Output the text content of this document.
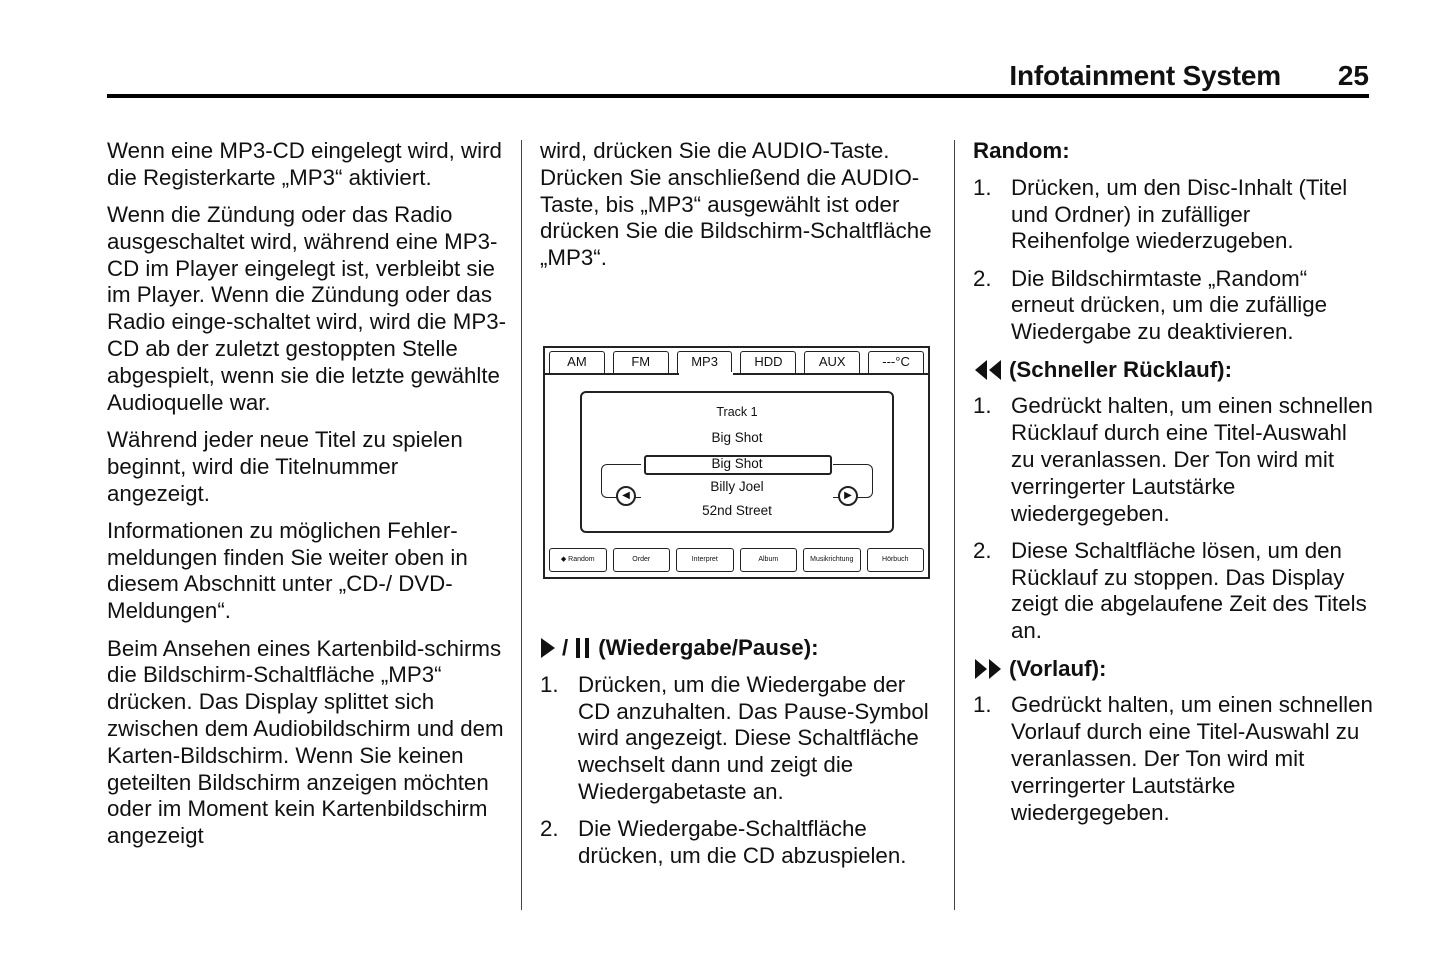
Infotainment System 25

Wenn eine MP3-CD eingelegt wird, wird die Registerkarte „MP3“ aktiviert.

Wenn die Zündung oder das Radio ausgeschaltet wird, während eine MP3-CD im Player eingelegt ist, verbleibt sie im Player. Wenn die Zündung oder das Radio einge-schaltet wird, wird die MP3-CD ab der zuletzt gestoppten Stelle abgespielt, wenn sie die letzte gewählte Audioquelle war.

Während jeder neue Titel zu spielen beginnt, wird die Titelnummer angezeigt.

Informationen zu möglichen Fehler-meldungen finden Sie weiter oben in diesem Abschnitt unter „CD-/ DVD-Meldungen“.

Beim Ansehen eines Kartenbild-schirms die Bildschirm-Schaltfläche „MP3“ drücken. Das Display splittet sich zwischen dem Audiobildschirm und dem Karten-Bildschirm. Wenn Sie keinen geteilten Bildschirm anzeigen möchten oder im Moment kein Kartenbildschirm angezeigt

wird, drücken Sie die AUDIO-Taste. Drücken Sie anschließend die AUDIO-Taste, bis „MP3“ ausgewählt ist oder drücken Sie die Bildschirm-Schaltfläche „MP3“.

/ (Wiedergabe/Pause):
1. Drücken, um die Wiedergabe der CD anzuhalten. Das Pause-Symbol wird angezeigt. Diese Schaltfläche wechselt dann und zeigt die Wiedergabetaste an.
2. Die Wiedergabe-Schaltfläche drücken, um die CD abzuspielen.
AM	FM	MP3	HDD	AUX	---°C
Track 1
Big Shot
Big Shot
Billy Joel
52nd Street
◀	▶
◆ Random	Order	Interpret	Album	Musikrichtung	Hörbuch
Random:
1. Drücken, um den Disc-Inhalt (Titel und Ordner) in zufälliger Reihenfolge wiederzugeben.
2. Die Bildschirmtaste „Random“ erneut drücken, um die zufällige Wiedergabe zu deaktivieren.
(Schneller Rücklauf):
1. Gedrückt halten, um einen schnellen Rücklauf durch eine Titel-Auswahl zu veranlassen. Der Ton wird mit verringerter Lautstärke wiedergegeben.
2. Diese Schaltfläche lösen, um den Rücklauf zu stoppen. Das Display zeigt die abgelaufene Zeit des Titels an.
(Vorlauf):
1. Gedrückt halten, um einen schnellen Vorlauf durch eine Titel-Auswahl zu veranlassen. Der Ton wird mit verringerter Lautstärke wiedergegeben.
